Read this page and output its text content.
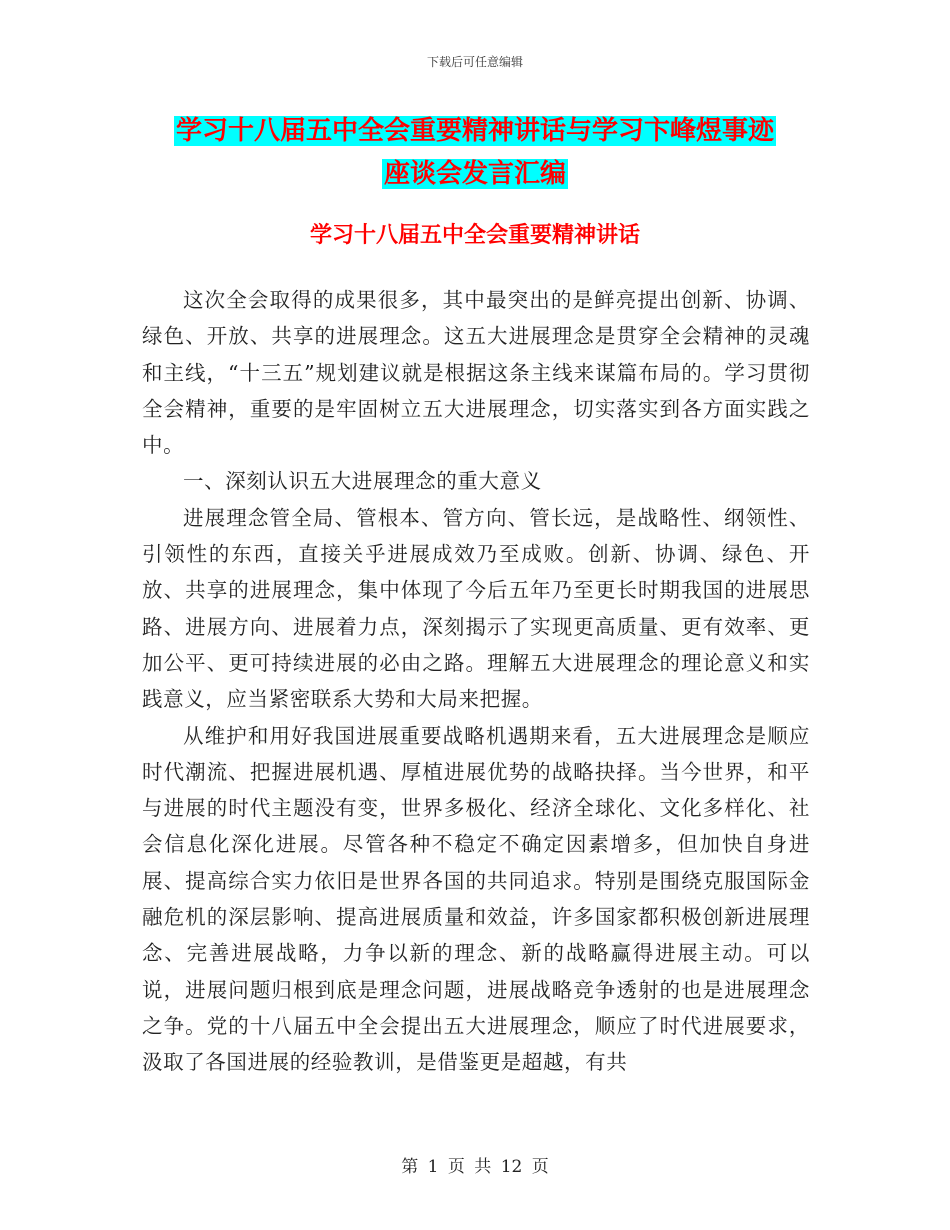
下载后可任意编辑
学习十八届五中全会重要精神讲话与学习卞峰煜事迹
座谈会发言汇编
学习十八届五中全会重要精神讲话

这次全会取得的成果很多，其中最突出的是鲜亮提出创新、协调、绿色、开放、共享的进展理念。这五大进展理念是贯穿全会精神的灵魂和主线，“十三五”规划建议就是根据这条主线来谋篇布局的。学习贯彻全会精神，重要的是牢固树立五大进展理念，切实落实到各方面实践之中。

一、深刻认识五大进展理念的重大意义

进展理念管全局、管根本、管方向、管长远，是战略性、纲领性、引领性的东西，直接关乎进展成效乃至成败。创新、协调、绿色、开放、共享的进展理念，集中体现了今后五年乃至更长时期我国的进展思路、进展方向、进展着力点，深刻揭示了实现更高质量、更有效率、更加公平、更可持续进展的必由之路。理解五大进展理念的理论意义和实践意义，应当紧密联系大势和大局来把握。

从维护和用好我国进展重要战略机遇期来看，五大进展理念是顺应时代潮流、把握进展机遇、厚植进展优势的战略抉择。当今世界，和平与进展的时代主题没有变，世界多极化、经济全球化、文化多样化、社会信息化深化进展。尽管各种不稳定不确定因素增多，但加快自身进展、提高综合实力依旧是世界各国的共同追求。特别是围绕克服国际金融危机的深层影响、提高进展质量和效益，许多国家都积极创新进展理念、完善进展战略，力争以新的理念、新的战略赢得进展主动。可以说，进展问题归根到底是理念问题，进展战略竞争透射的也是进展理念之争。党的十八届五中全会提出五大进展理念，顺应了时代进展要求，汲取了各国进展的经验教训，是借鉴更是超越，有共

第 1 页 共 12 页
